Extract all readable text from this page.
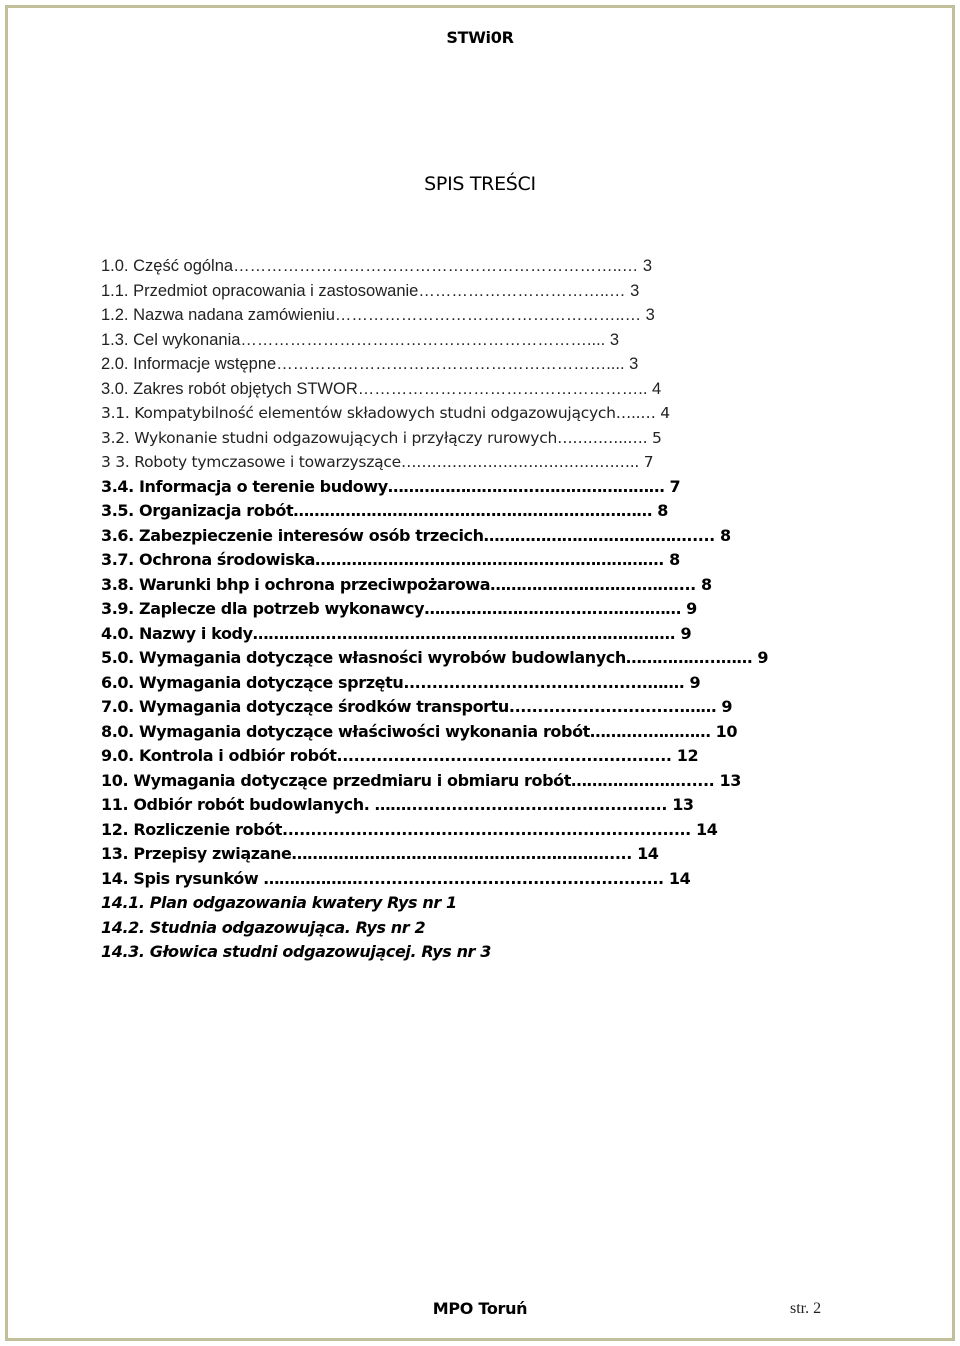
STWi0R
SPIS TREŚCI
1.0. Część ogólna……………………………………………………………..… 3
1.1. Przedmiot opracowania i zastosowanie……………………………..… 3
1.2. Nazwa nadana zamówieniu……………………………………………..… 3
1.3. Cel wykonania……………………………………………………….... 3
2.0. Informacje wstępne…………………………………………………….... 3
3.0. Zakres robót objętych STWOR…………………………………………….. 4
3.1. Kompatybilność elementów składowych studni odgazowujących…..… 4
3.2. Wykonanie studni odgazowujących i przyłączy rurowych…………..…. 5
3 3. Roboty tymczasowe i towarzyszące……………………………………….. 7
3.4. Informacja o terenie budowy………………………..…………………… 7
3.5. Organizacja robót…………………………………………………………… 8
3.6. Zabezpieczenie interesów osób trzecich…………………………………..... 8
3.7. Ochrona środowiska…………………………………………………………. 8
3.8. Warunki bhp i ochrona przeciwpożarowa………………………..…….... 8
3.9. Zaplecze dla potrzeb wykonawcy………………………..…..…………… 9
4.0. Nazwy i kody……………..………………………………………………………. 9
5.0. Wymagania dotyczące własności wyrobów budowlanych……………...…… 9
6.0. Wymagania dotyczące sprzętu...........................................……. 9
7.0. Wymagania dotyczące środków transportu...............................…… 9
8.0. Wymagania dotyczące właściwości wykonania robót………..………… 10
9.0. Kontrola i odbiór robót........................................................... 12
10. Wymagania dotyczące przedmiaru i obmiaru robót…………………...... 13
11. Odbiór robót budowlanych. …….............................................. 13
12. Rozliczenie robót........................................................................ 14
13. Przepisy związane……………………………………………………..... 14
14. Spis rysunków ………………...................................................... 14
14.1. Plan odgazowania kwatery Rys nr 1
14.2. Studnia odgazowująca. Rys nr 2
14.3. Głowica studni odgazowującej. Rys nr 3
MPO Toruń	str. 2
